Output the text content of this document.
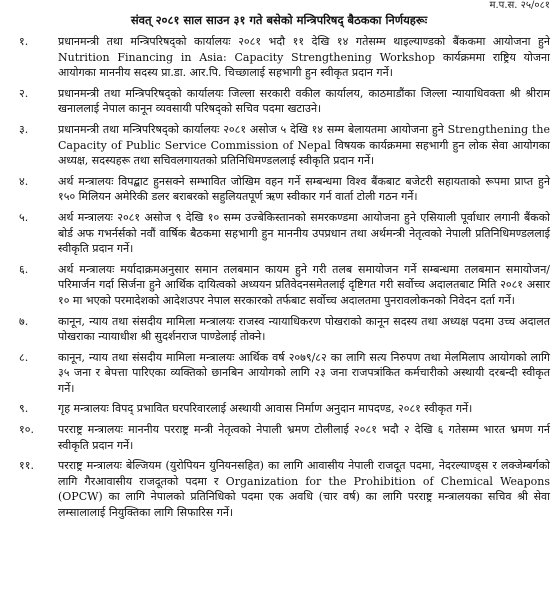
म.प.स. २५/०८१
संवत् २०८१ साल साउन ३१ गते बसेको मन्त्रिपरिषद् बैठकका निर्णयहरूः
१.	प्रधानमन्त्री तथा मन्त्रिपरिषद्को कार्यालयः २०८१ भदौ ११ देखि १४ गतेसम्म थाइल्याण्डको बैंककमा आयोजना हुने Nutrition Financing in Asia: Capacity Strengthening Workshop कार्यक्रममा राष्ट्रिय योजना आयोगका माननीय सदस्य प्रा.डा. आर.पि. चिच्छालाई सहभागी हुन स्वीकृत प्रदान गर्ने।
२.	प्रधानमन्त्री तथा मन्त्रिपरिषद्को कार्यालयः जिल्ला सरकारी वकील कार्यालय, काठमाडौंका जिल्ला न्यायाधिवक्ता श्री श्रीराम खनाललाई नेपाल कानून व्यवसायी परिषद्को सचिव पदमा खटाउने।
३.	प्रधानमन्त्री तथा मन्त्रिपरिषद्को कार्यालयः २०८१ असोज ५ देखि १४ सम्म बेलायतमा आयोजना हुने Strengthening the Capacity of Public Service Commission of Nepal विषयक कार्यक्रममा सहभागी हुन लोक सेवा आयोगका अध्यक्ष, सदस्यहरू तथा सचिवलगायतको प्रतिनिधिमण्डललाई स्वीकृति प्रदान गर्ने।
४.	अर्थ मन्त्रालयः विपद्बाट हुनसक्ने सम्भावित जोखिम वहन गर्ने सम्बन्धमा विश्व बैंकबाट बजेटरी सहायताको रूपमा प्राप्त हुने १५० मिलियन अमेरिकी डलर बराबरको सहुलियतपूर्ण ऋण स्वीकार गर्न वार्ता टोली गठन गर्ने।
५.	अर्थ मन्त्रालयः २०८१ असोज ९ देखि १० सम्म उज्बेकिस्तानको समरकण्डमा आयोजना हुने एसियाली पूर्वाधार लगानी बैंकको बोर्ड अफ गभर्नर्सको नवौं वार्षिक बैठकमा सहभागी हुन माननीय उपप्रधान तथा अर्थमन्त्री नेतृत्वको नेपाली प्रतिनिधिमण्डललाई स्वीकृति प्रदान गर्ने।
६.	अर्थ मन्त्रालयः मर्यादाक्रमअनुसार समान तलबमान कायम हुने गरी तलब समायोजन गर्ने सम्बन्धमा तलबमान समायोजन/परिमार्जन गर्दा सिर्जना हुने आर्थिक दायित्वको अध्ययन प्रतिवेदनसमेतलाई दृष्टिगत गरी सर्वोच्च अदालतबाट मिति २०८१ असार १० मा भएको परमादेशको आदेशउपर नेपाल सरकारको तर्फबाट सर्वोच्च अदालतमा पुनरावलोकनको निवेदन दर्ता गर्ने।
७.	कानून, न्याय तथा संसदीय मामिला मन्त्रालयः राजस्व न्यायाधिकरण पोखराको कानून सदस्य तथा अध्यक्ष पदमा उच्च अदालत पोखराका न्यायाधीश श्री सुदर्शनराज पाण्डेलाई तोक्ने।
८.	कानून, न्याय तथा संसदीय मामिला मन्त्रालयः आर्थिक वर्ष २०७९/८२ का लागि सत्य निरुपण तथा मेलमिलाप आयोगको लागि ३५ जना र बेपत्ता पारिएका व्यक्तिको छानबिन आयोगको लागि २३ जना राजपत्रांकित कर्मचारीको अस्थायी दरबन्दी स्वीकृत गर्ने।
९.	गृह मन्त्रालयः विपद् प्रभावित घरपरिवारलाई अस्थायी आवास निर्माण अनुदान मापदण्ड, २०८१ स्वीकृत गर्ने।
१०. परराष्ट्र मन्त्रालयः माननीय परराष्ट्र मन्त्री नेतृत्वको नेपाली भ्रमण टोलीलाई २०८१ भदौ २ देखि ६ गतेसम्म भारत भ्रमण गर्न स्वीकृति प्रदान गर्ने।
११. परराष्ट्र मन्त्रालयः बेल्जियम (युरोपियन युनियनसहित) का लागि आवासीय नेपाली राजदूत पदमा, नेदरल्याण्ड्स र लक्जेम्बर्गको लागि गैरआवासीय राजदूतको पदमा र Organization for the Prohibition of Chemical Weapons (OPCW) का लागि नेपालको प्रतिनिधिको पदमा एक अवधि (चार वर्ष) का लागि परराष्ट्र मन्त्रालयका सचिव श्री सेवा लम्सालालाई नियुक्तिका लागि सिफारिस गर्ने।
